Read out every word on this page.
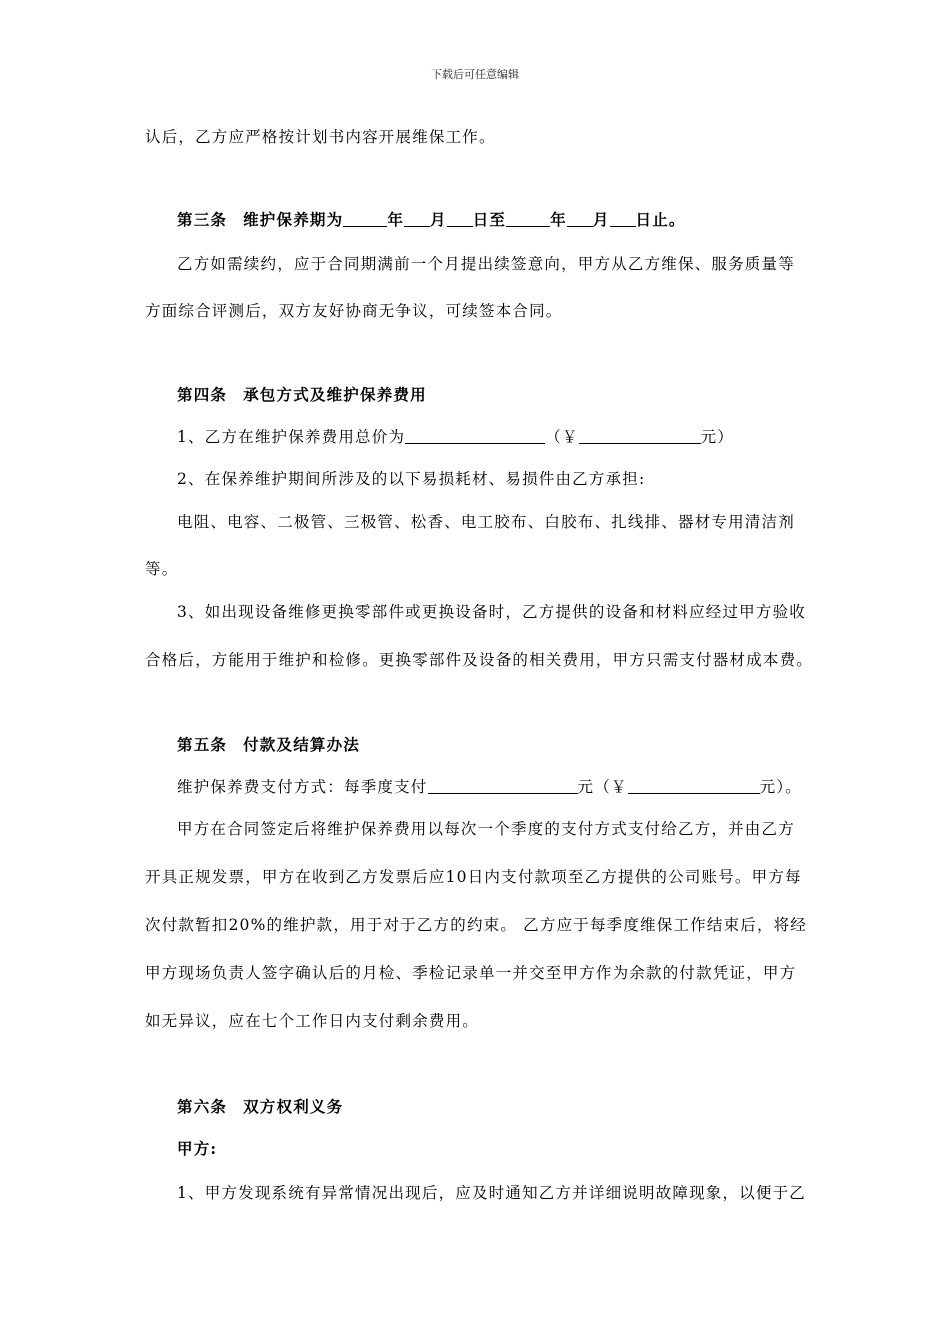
下载后可任意编辑
认后，乙方应严格按计划书内容开展维保工作。
第三条 维护保养期为	年 月 日至	年 月 日止。
乙方如需续约，应于合同期满前一个月提出续签意向，甲方从乙方维保、服务质量等
方面综合评测后，双方友好协商无争议，可续签本合同。
第四条 承包方式及维护保养费用
1、乙方在维护保养费用总价为	（￥	元）
2、在保养维护期间所涉及的以下易损耗材、易损件由乙方承担:
电阻、电容、二极管、三极管、松香、电工胶布、白胶布、扎线排、器材专用清洁剂
等。
3、如出现设备维修更换零部件或更换设备时，乙方提供的设备和材料应经过甲方验收
合格后，方能用于维护和检修。更换零部件及设备的相关费用，甲方只需支付器材成本费。
第五条 付款及结算办法
维护保养费支付方式：每季度支付	元（￥	元）。
甲方在合同签定后将维护保养费用以每次一个季度的支付方式支付给乙方，并由乙方
开具正规发票，甲方在收到乙方发票后应10日内支付款项至乙方提供的公司账号。甲方每
次付款暂扣20%的维护款，用于对于乙方的约束。 乙方应于每季度维保工作结束后，将经
甲方现场负责人签字确认后的月检、季检记录单一并交至甲方作为余款的付款凭证，甲方
如无异议，应在七个工作日内支付剩余费用。
第六条 双方权利义务
甲方:
1、甲方发现系统有异常情况出现后，应及时通知乙方并详细说明故障现象，以便于乙
